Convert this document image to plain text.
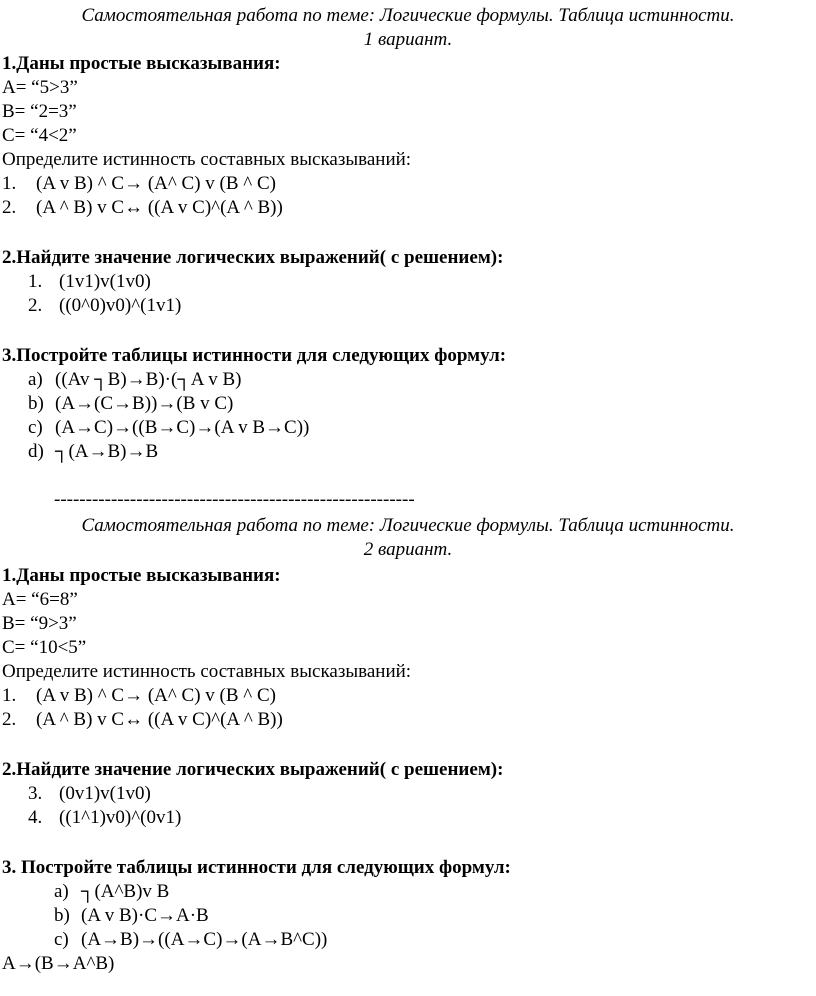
Самостоятельная работа по теме: Логические формулы. Таблица истинности.
1 вариант.
1.Даны простые высказывания:
A= “5>3”
B= “2=3”
C= “4<2”
Определите истинность составных высказываний:
1. (A v B) ^ C→ (A^ C) v (B ^ C)
2. (A ^ B) v C↔ ((A v C)^(A ^ B))
2.Найдите значение логических выражений( с решением):
1. (1v1)v(1v0)
2. ((0^0)v0)^(1v1)
3.Постройте таблицы истинности для следующих формул:
a) ((Av ┐B)→B)·(┐A v B)
b) (A→(C→B))→(B v C)
c) (A→C)→((B→C)→(A v B→C))
d) ┐(A→B)→B
---------------------------------------------------------
Самостоятельная работа по теме: Логические формулы. Таблица истинности.
2 вариант.
1.Даны простые высказывания:
A= “6=8”
B= “9>3”
C= “10<5”
Определите истинность составных высказываний:
1. (A v B) ^ C→ (A^ C) v (B ^ C)
2. (A ^ B) v C↔ ((A v C)^(A ^ B))
2.Найдите значение логических выражений( с решением):
3. (0v1)v(1v0)
4. ((1^1)v0)^(0v1)
3. Постройте таблицы истинности для следующих формул:
a) ┐(A^B)v B
b) (A v B)·C→A·B
c) (A→B)→((A→C)→(A→B^C))
A→(B→A^B)
